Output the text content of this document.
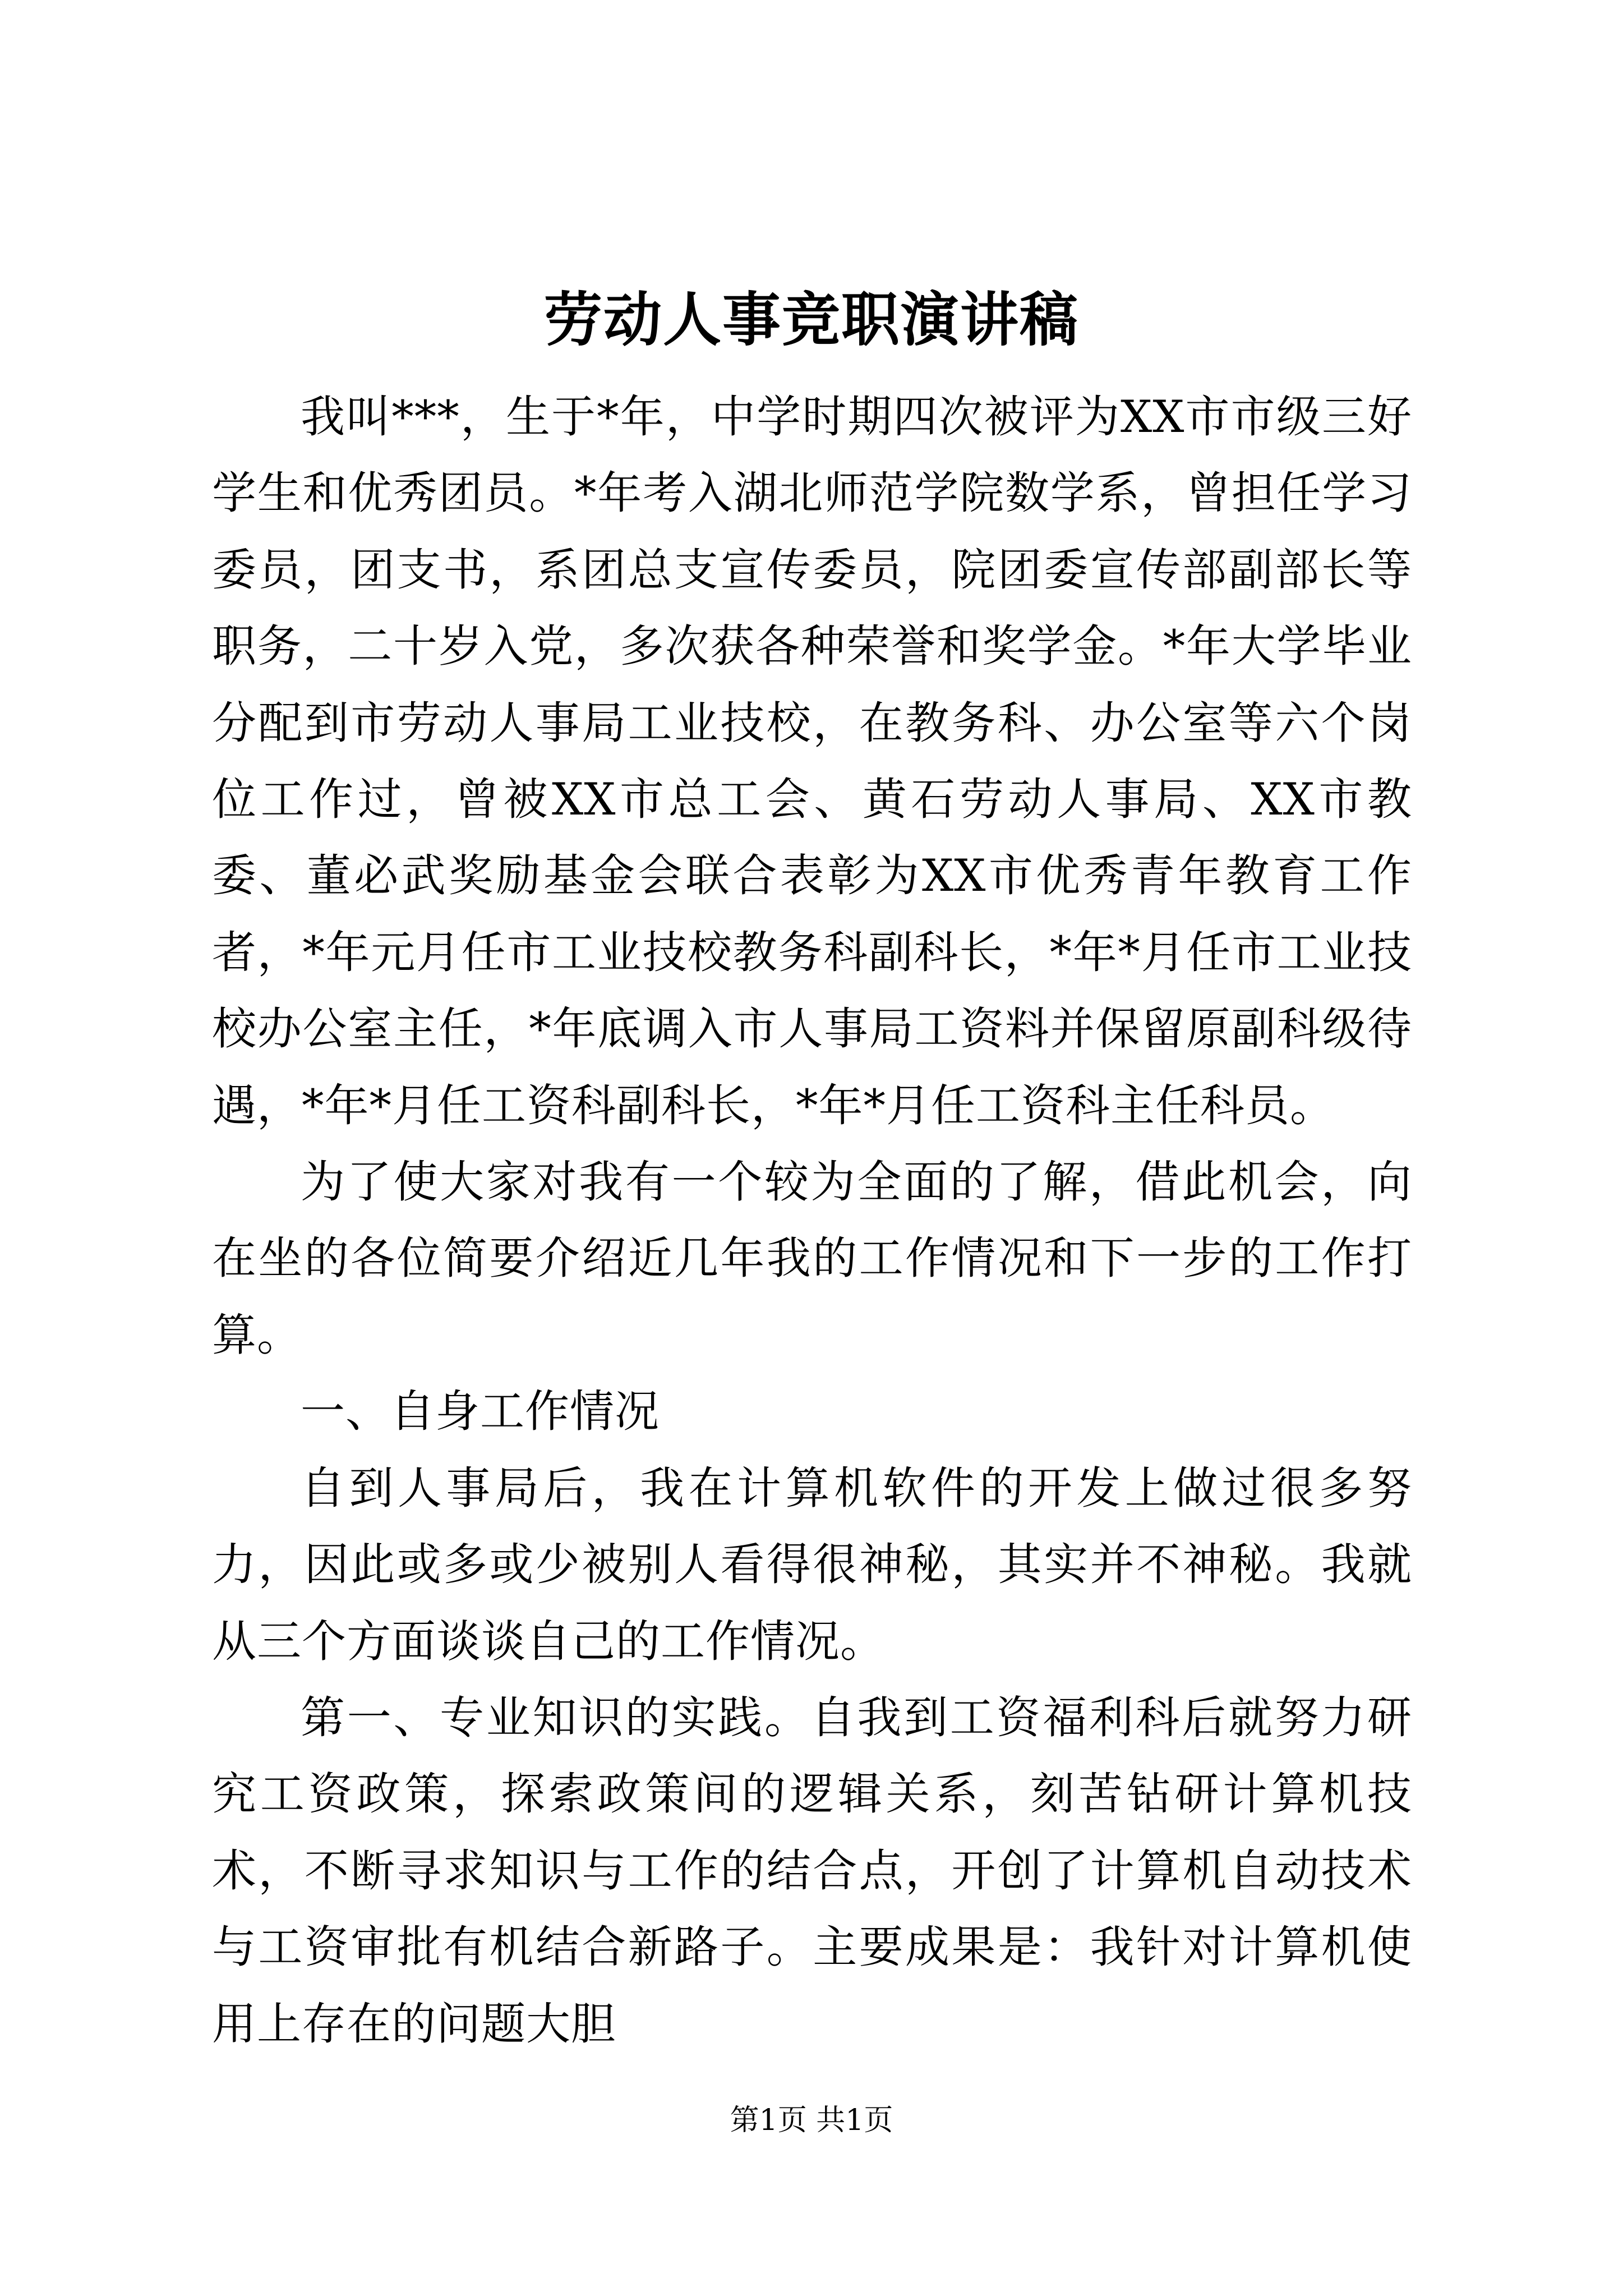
劳动人事竞职演讲稿

我叫***，生于*年，中学时期四次被评为XX市市级三好学生和优秀团员。*年考入湖北师范学院数学系，曾担任学习委员，团支书，系团总支宣传委员，院团委宣传部副部长等职务，二十岁入党，多次获各种荣誉和奖学金。*年大学毕业分配到市劳动人事局工业技校，在教务科、办公室等六个岗位工作过，曾被XX市总工会、黄石劳动人事局、XX市教委、董必武奖励基金会联合表彰为XX市优秀青年教育工作者，*年元月任市工业技校教务科副科长，*年*月任市工业技校办公室主任，*年底调入市人事局工资料并保留原副科级待遇，*年*月任工资科副科长，*年*月任工资科主任科员。

为了使大家对我有一个较为全面的了解，借此机会，向在坐的各位简要介绍近几年我的工作情况和下一步的工作打算。

一、自身工作情况

自到人事局后，我在计算机软件的开发上做过很多努力，因此或多或少被别人看得很神秘，其实并不神秘。我就从三个方面谈谈自己的工作情况。

第一、专业知识的实践。自我到工资福利科后就努力研究工资政策，探索政策间的逻辑关系，刻苦钻研计算机技术，不断寻求知识与工作的结合点，开创了计算机自动技术与工资审批有机结合新路子。主要成果是：我针对计算机使用上存在的问题大胆

第1页 共1页
